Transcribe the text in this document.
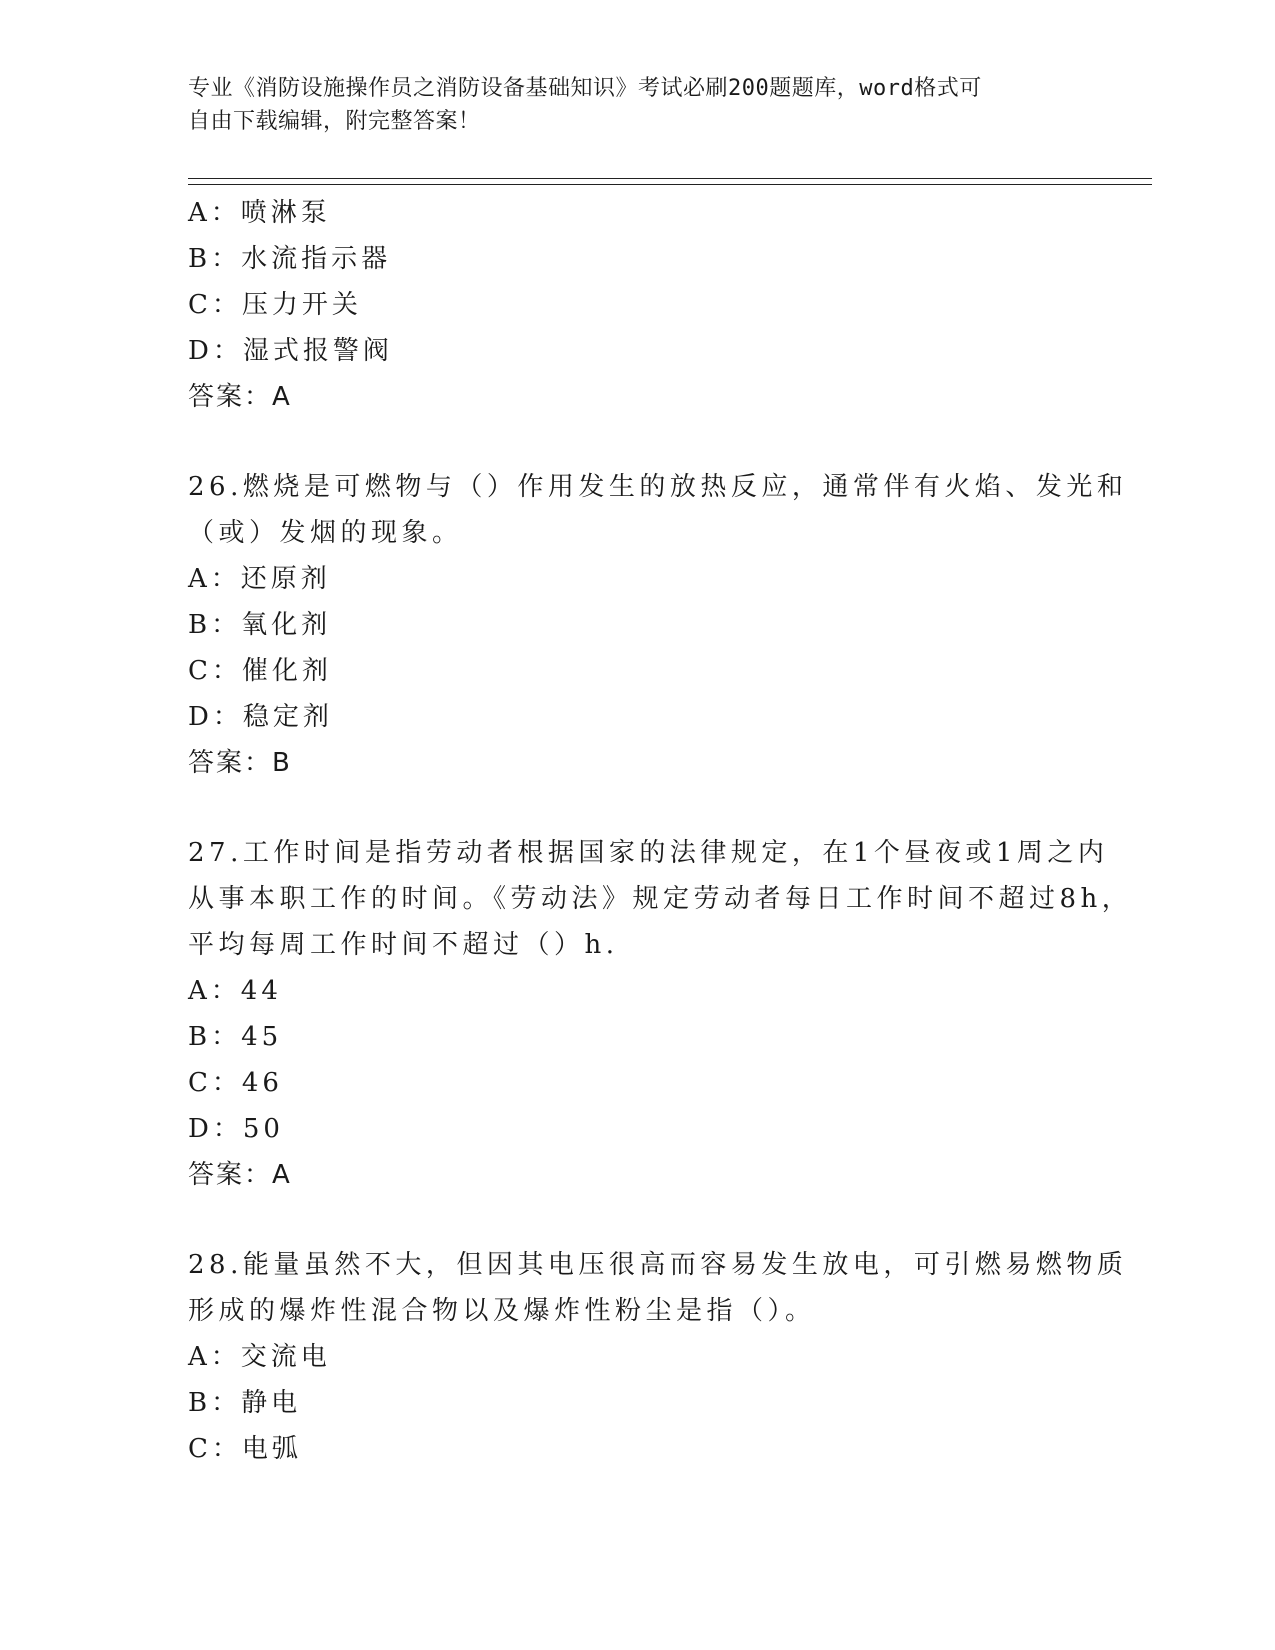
专业《消防设施操作员之消防设备基础知识》考试必刷200题题库，word格式可
自由下载编辑，附完整答案！
A：喷淋泵
B：水流指示器
C：压力开关
D：湿式报警阀
答案：A
26.燃烧是可燃物与（）作用发生的放热反应，通常伴有火焰、发光和
（或）发烟的现象。
A：还原剂
B：氧化剂
C：催化剂
D：稳定剂
答案：B
27.工作时间是指劳动者根据国家的法律规定，在1个昼夜或1周之内
从事本职工作的时间。《劳动法》规定劳动者每日工作时间不超过8h，
平均每周工作时间不超过（）h.
A：44
B：45
C：46
D：50
答案：A
28.能量虽然不大，但因其电压很高而容易发生放电，可引燃易燃物质
形成的爆炸性混合物以及爆炸性粉尘是指（）。
A：交流电
B：静电
C：电弧
